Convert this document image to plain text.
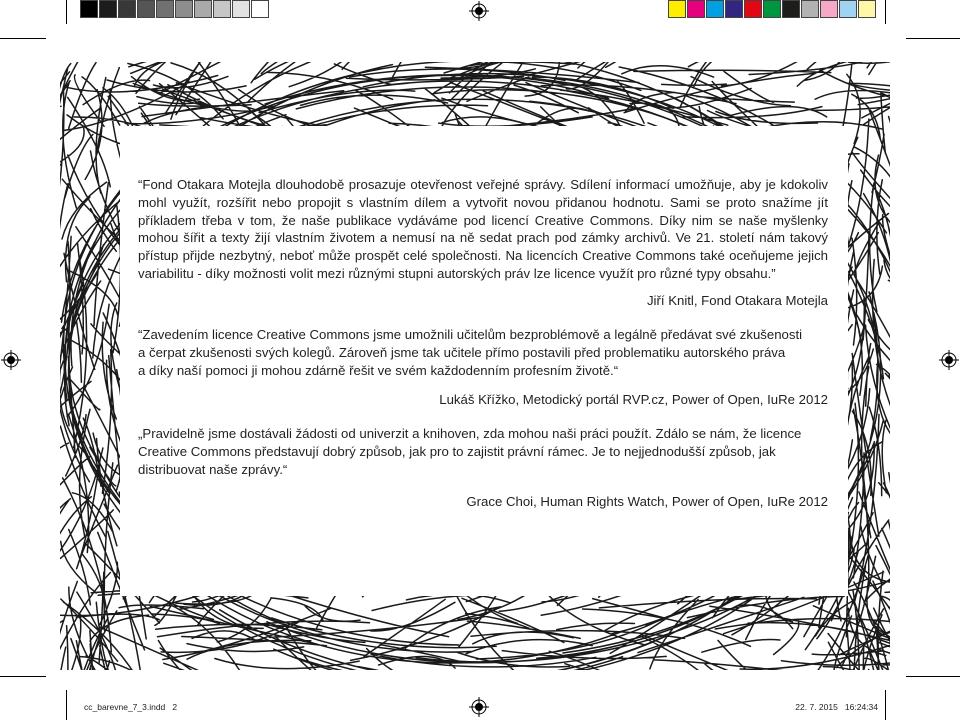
“Fond Otakara Motejla dlouhodobě prosazuje otevřenost veřejné správy. Sdílení informací umožňuje, aby je kdokoliv mohl využít, rozšířit nebo propojit s vlastním dílem a vytvořit novou přidanou hodnotu. Sami se proto snažíme jít příkladem třeba v tom, že naše publikace vydáváme pod licencí Creative Commons. Díky nim se naše myšlenky mohou šířit a texty žijí vlastním životem a nemusí na ně sedat prach pod zámky archivů. Ve 21. století nám takový přístup přijde nezbytný, neboť může prospět celé společnosti. Na licencích Creative Commons také oceňujeme jejich variabilitu - díky možnosti volit mezi různými stupni autorských práv lze licence využít pro různé typy obsahu.”

Jiří Knitl, Fond Otakara Motejla

“Zavedením licence Creative Commons jsme umožnili učitelům bezproblémově a legálně předávat své zkušenosti

a čerpat zkušenosti svých kolegů. Zároveň jsme tak učitele přímo postavili před problematiku autorského práva

a díky naší pomoci ji mohou zdárně řešit ve svém každodenním profesním životě.“

Lukáš Křížko, Metodický portál RVP.cz, Power of Open, IuRe 2012

„Pravidelně jsme dostávali žádosti od univerzit a knihoven, zda mohou naši práci použít. Zdálo se nám, že licence

Creative Commons představují dobrý způsob, jak pro to zajistit právní rámec. Je to nejjednodušší způsob, jak

distribuovat naše zprávy.“

Grace Choi, Human Rights Watch, Power of Open, IuRe 2012
cc_barevne_7_3.indd   2	22. 7. 2015   16:24:34
